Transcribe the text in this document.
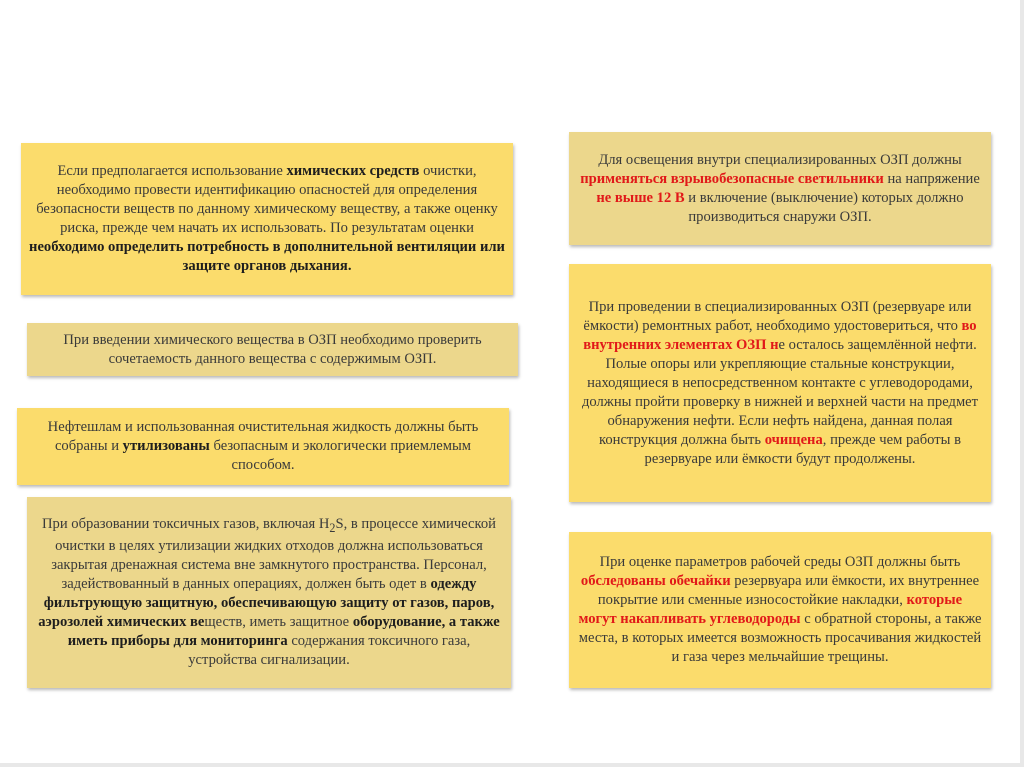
Если предполагается использование химических средств очистки, необходимо провести идентификацию опасностей для определения безопасности веществ по данному химическому веществу, а также оценку риска, прежде чем начать их использовать. По результатам оценки необходимо определить потребность в дополнительной вентиляции или защите органов дыхания.

При введении химического вещества в ОЗП необходимо проверить сочетаемость данного вещества с содержимым ОЗП.

Нефтешлам и использованная очистительная жидкость должны быть собраны и утилизованы безопасным и экологически приемлемым способом.

При образовании токсичных газов, включая $H_2S$, в процессе химической очистки в целях утилизации жидких отходов должна использоваться закрытая дренажная система вне замкнутого пространства. Персонал, задействованный в данных операциях, должен быть одет в одежду фильтрующую защитную, обеспечивающую защиту от газов, паров, аэрозолей химических веществ, иметь защитное оборудование, а также иметь приборы для мониторинга содержания токсичного газа, устройства сигнализации.

Для освещения внутри специализированных ОЗП должны применяться взрывобезопасные светильники на напряжение не выше 12 В и включение (выключение) которых должно производиться снаружи ОЗП.

При проведении в специализированных ОЗП (резервуаре или ёмкости) ремонтных работ, необходимо удостовериться, что во внутренних элементах ОЗП не осталось защемлённой нефти. Полые опоры или укрепляющие стальные конструкции, находящиеся в непосредственном контакте с углеводородами, должны пройти проверку в нижней и верхней части на предмет обнаружения нефти. Если нефть найдена, данная полая конструкция должна быть очищена, прежде чем работы в резервуаре или ёмкости будут продолжены.

При оценке параметров рабочей среды ОЗП должны быть обследованы обечайки резервуара или ёмкости, их внутреннее покрытие или сменные износостойкие накладки, которые могут накапливать углеводороды с обратной стороны, а также места, в которых имеется возможность просачивания жидкостей и газа через мельчайшие трещины.
